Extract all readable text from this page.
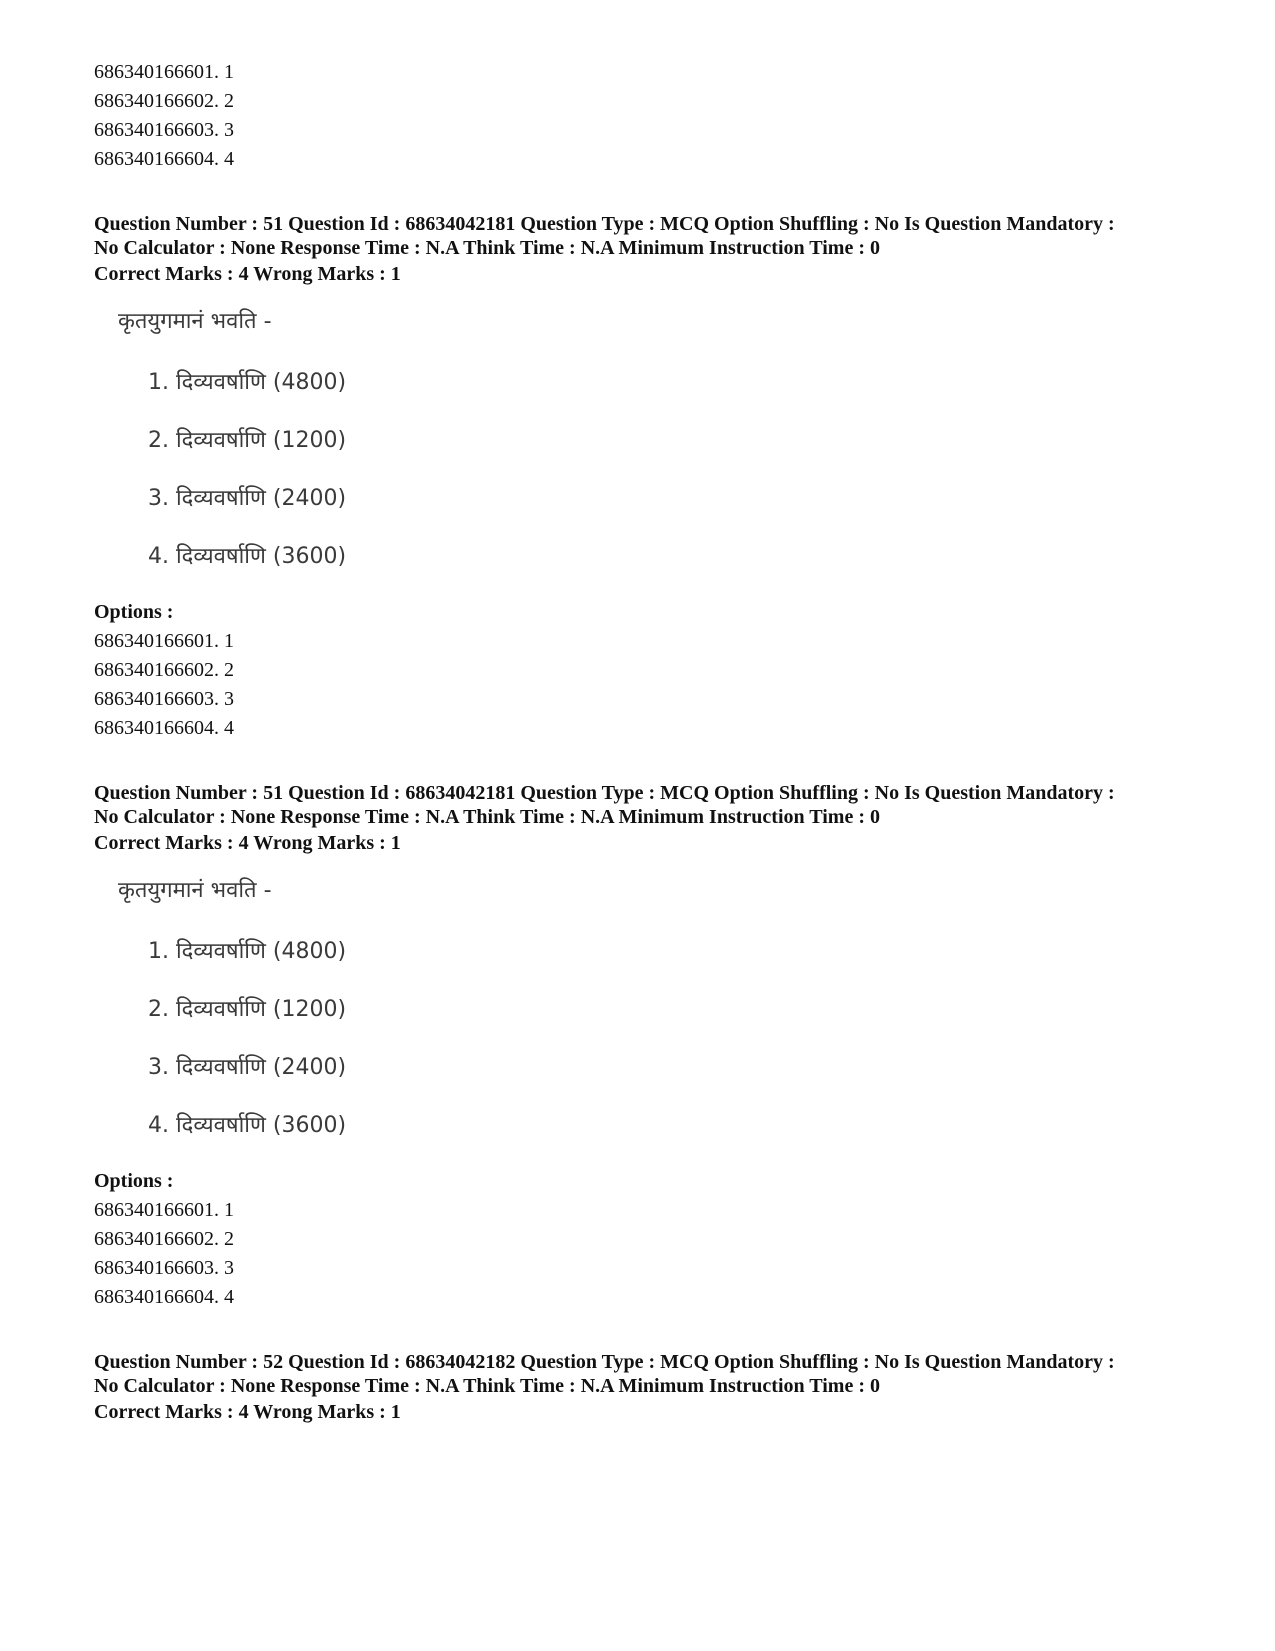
686340166601. 1
686340166602. 2
686340166603. 3
686340166604. 4
Question Number : 51 Question Id : 68634042181 Question Type : MCQ Option Shuffling : No Is Question Mandatory :
No Calculator : None Response Time : N.A Think Time : N.A Minimum Instruction Time : 0
Correct Marks : 4 Wrong Marks : 1
कृतयुगमानं भवति -
1. दिव्यवर्षाणि (4800)
2. दिव्यवर्षाणि (1200)
3. दिव्यवर्षाणि (2400)
4. दिव्यवर्षाणि (3600)
Options :
686340166601. 1
686340166602. 2
686340166603. 3
686340166604. 4
Question Number : 51 Question Id : 68634042181 Question Type : MCQ Option Shuffling : No Is Question Mandatory :
No Calculator : None Response Time : N.A Think Time : N.A Minimum Instruction Time : 0
Correct Marks : 4 Wrong Marks : 1
कृतयुगमानं भवति -
1. दिव्यवर्षाणि (4800)
2. दिव्यवर्षाणि (1200)
3. दिव्यवर्षाणि (2400)
4. दिव्यवर्षाणि (3600)
Options :
686340166601. 1
686340166602. 2
686340166603. 3
686340166604. 4
Question Number : 52 Question Id : 68634042182 Question Type : MCQ Option Shuffling : No Is Question Mandatory :
No Calculator : None Response Time : N.A Think Time : N.A Minimum Instruction Time : 0
Correct Marks : 4 Wrong Marks : 1
